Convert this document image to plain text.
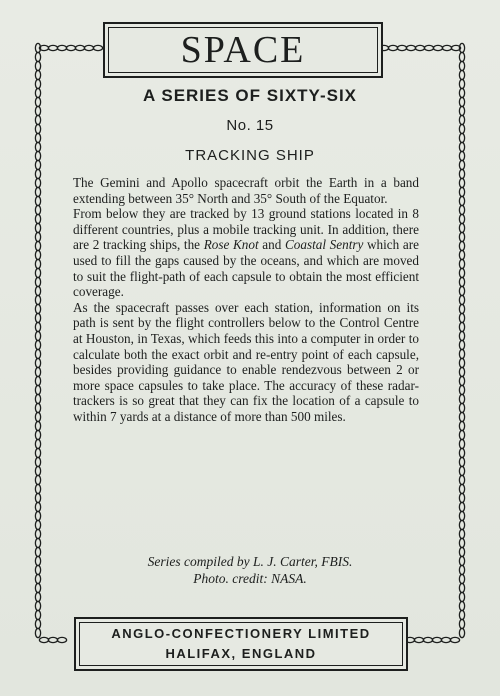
SPACE
A SERIES OF SIXTY-SIX
No. 15
TRACKING SHIP

The Gemini and Apollo spacecraft orbit the Earth in a band extending between 35° North and 35° South of the Equator.

From below they are tracked by 13 ground stations located in 8 different countries, plus a mobile tracking unit. In addition, there are 2 tracking ships, the Rose Knot and Coastal Sentry which are used to fill the gaps caused by the oceans, and which are moved to suit the flight-path of each capsule to obtain the most efficient coverage.

As the spacecraft passes over each station, information on its path is sent by the flight controllers below to the Control Centre at Houston, in Texas, which feeds this into a computer in order to calculate both the exact orbit and re-entry point of each capsule, besides providing guidance to enable rendezvous between 2 or more space capsules to take place. The accuracy of these radar-trackers is so great that they can fix the location of a capsule to within 7 yards at a distance of more than 500 miles.

Series compiled by L. J. Carter, FBIS.
Photo. credit: NASA.
ANGLO-CONFECTIONERY LIMITED
HALIFAX, ENGLAND
